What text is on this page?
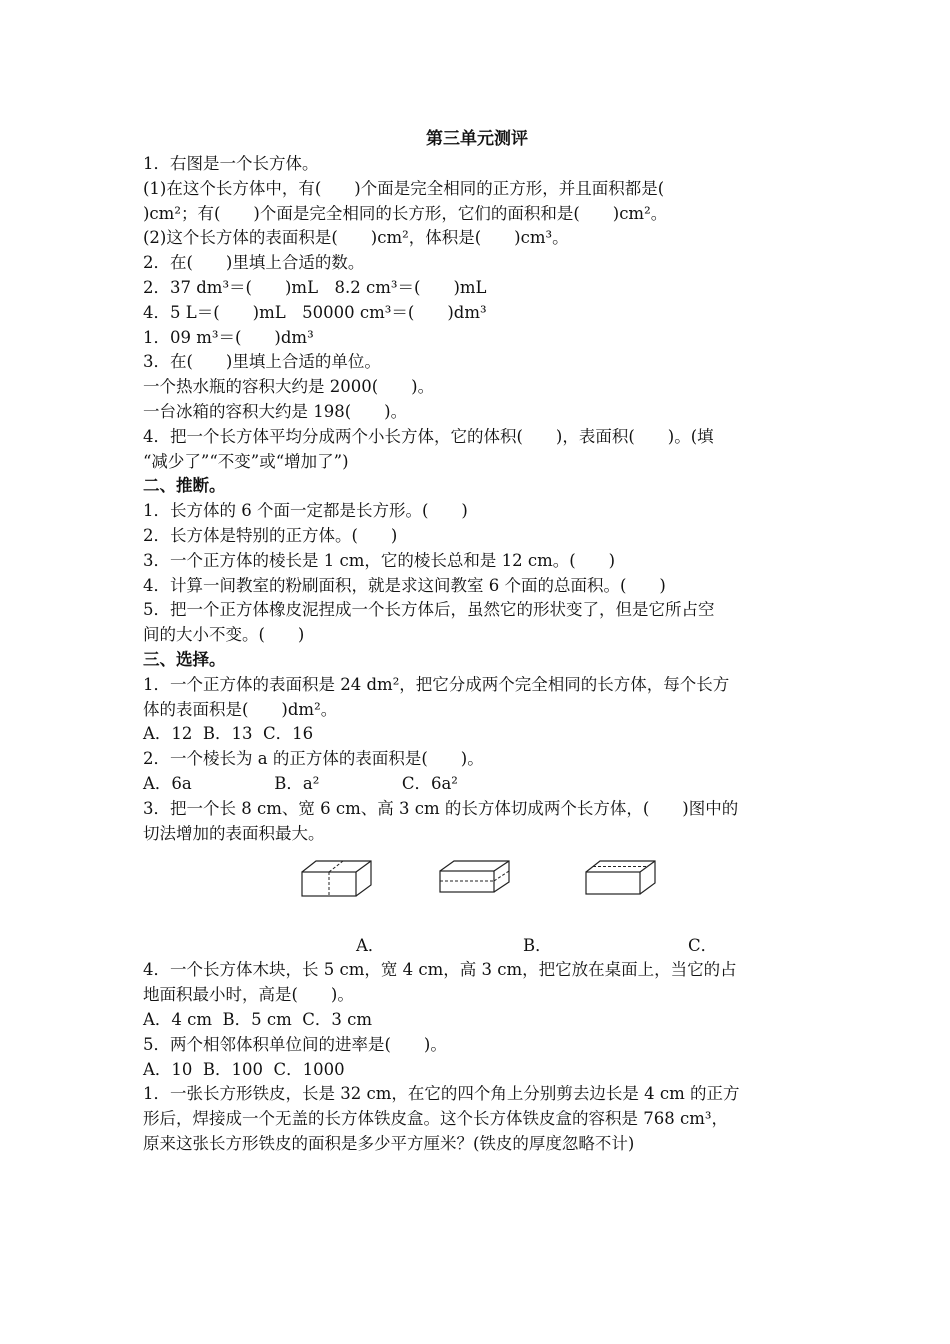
第三单元测评
1．右图是一个长方体。
(1)在这个长方体中，有(　　)个面是完全相同的正方形，并且面积都是(
)cm²；有(　　)个面是完全相同的长方形，它们的面积和是(　　)cm²。
(2)这个长方体的表面积是(　　)cm²，体积是(　　)cm³。
2．在(　　)里填上合适的数。
2．37 dm³＝(　　)mL　8.2 cm³＝(　　)mL
4．5 L＝(　　)mL　50000 cm³＝(　　)dm³
1．09 m³＝(　　)dm³
3．在(　　)里填上合适的单位。
一个热水瓶的容积大约是 2000(　　)。
一台冰箱的容积大约是 198(　　)。
4．把一个长方体平均分成两个小长方体，它的体积(　　)，表面积(　　)。(填
“减少了”“不变”或“增加了”)
二、推断。
1．长方体的 6 个面一定都是长方形。(　　)
2．长方体是特别的正方体。(　　)
3．一个正方体的棱长是 1 cm，它的棱长总和是 12 cm。(　　)
4．计算一间教室的粉刷面积，就是求这间教室 6 个面的总面积。(　　)
5．把一个正方体橡皮泥捏成一个长方体后，虽然它的形状变了，但是它所占空
间的大小不变。(　　)
三、选择。
1．一个正方体的表面积是 24 dm²，把它分成两个完全相同的长方体，每个长方
体的表面积是(　　)dm²。
A．12  B．13  C．16
2．一个棱长为 a 的正方体的表面积是(　　)。
A．6a　　　　　B．a²　　　　　C．6a²
3．把一个长 8 cm、宽 6 cm、高 3 cm 的长方体切成两个长方体，(　　)图中的
切法增加的表面积最大。
A．	B．	C．
4．一个长方体木块，长 5 cm，宽 4 cm，高 3 cm，把它放在桌面上，当它的占
地面积最小时，高是(　　)。
A．4 cm  B．5 cm  C．3 cm
5．两个相邻体积单位间的进率是(　　)。
A．10  B．100  C．1000
1．一张长方形铁皮，长是 32 cm，在它的四个角上分别剪去边长是 4 cm 的正方
形后，焊接成一个无盖的长方体铁皮盒。这个长方体铁皮盒的容积是 768 cm³，
原来这张长方形铁皮的面积是多少平方厘米？(铁皮的厚度忽略不计)
